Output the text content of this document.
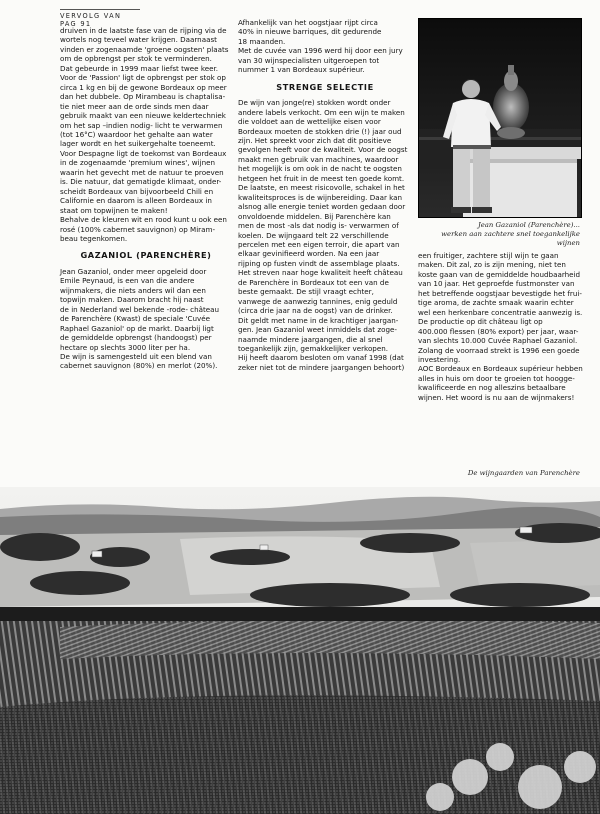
VERVOLG VAN PAG 91

druiven in de laatste fase van de rijping via de
wortels nog teveel water krijgen. Daarnaast
vinden er zogenaamde 'groene oogsten' plaats
om de opbrengst per stok te verminderen.
Dat gebeurde in 1999 maar liefst twee keer.
Voor de 'Passion' ligt de opbrengst per stok op
circa 1 kg en bij de gewone Bordeaux op meer
dan het dubbele. Op Mirambeau is chaptalisa-
tie niet meer aan de orde sinds men daar
gebruik maakt van een nieuwe keldertechniek
om het sap –indien nodig- licht te verwarmen
(tot 16°C) waardoor het gehalte aan water
lager wordt en het suikergehalte toeneemt.
Voor Despagne ligt de toekomst van Bordeaux
in de zogenaamde 'premium wines', wijnen
waarin het gevecht met de natuur te proeven
is. Die natuur, dat gematigde klimaat, onder-
scheidt Bordeaux van bijvoorbeeld Chili en
Californie en daarom is alleen Bordeaux in
staat om topwijnen te maken!
Behalve de kleuren wit en rood kunt u ook een
rosé (100% cabernet sauvignon) op Miram-
beau tegenkomen.

GAZANIOL (PARENCHÈRE)

Jean Gazaniol, onder meer opgeleid door
Emile Peynaud, is een van die andere
wijnmakers, die niets anders wil dan een
topwijn maken. Daarom bracht hij naast
de in Nederland wel bekende -rode- château
de Parenchère (Kwast) de speciale 'Cuvée
Raphael Gazaniol' op de markt. Daarbij ligt
de gemiddelde opbrengst (handoogst) per
hectare op slechts 3000 liter per ha.
De wijn is samengesteld uit een blend van
cabernet sauvignon (80%) en merlot (20%).

Afhankelijk van het oogstjaar rijpt circa
40% in nieuwe barriques, dit gedurende
18 maanden.
Met de cuvée van 1996 werd hij door een jury
van 30 wijnspecialisten uitgeroepen tot
nummer 1 van Bordeaux supérieur.

STRENGE SELECTIE

De wijn van jonge(re) stokken wordt onder
andere labels verkocht. Om een wijn te maken
die voldoet aan de wettelijke eisen voor
Bordeaux moeten de stokken drie (!) jaar oud
zijn. Het spreekt voor zich dat dit positieve
gevolgen heeft voor de kwaliteit. Voor de oogst
maakt men gebruik van machines, waardoor
het mogelijk is om ook in de nacht te oogsten
hetgeen het fruit in de meest ten goede komt.
De laatste, en meest risicovolle, schakel in het
kwaliteitsproces is de wijnbereiding. Daar kan
alsnog alle energie teniet worden gedaan door
onvoldoende middelen. Bij Parenchère kan
men de most -als dat nodig is- verwarmen of
koelen. De wijngaard telt 22 verschillende
percelen met een eigen terroir, die apart van
elkaar gevinifieerd worden. Na een jaar
rijping op fusten vindt de assemblage plaats.
Het streven naar hoge kwaliteit heeft château
de Parenchère in Bordeaux tot een van de
beste gemaakt. De stijl vraagt echter,
vanwege de aanwezig tannines, enig geduld
(circa drie jaar na de oogst) van de drinker.
Dit geldt met name in de krachtiger jaargan-
gen. Jean Gazaniol weet inmiddels dat zoge-
naamde mindere jaargangen, die al snel
toegankelijk zijn, gemakkelijker verkopen.
Hij heeft daarom besloten om vanaf 1998 (dat
zeker niet tot de mindere jaargangen behoort)

Jean Gazaniol (Parenchère)...

werken aan zachtere snel toegankelijke wijnen

een fruitiger, zachtere stijl wijn te gaan
maken. Dit zal, zo is zijn mening, niet ten
koste gaan van de gemiddelde houdbaarheid
van 10 jaar. Het geproefde fustmonster van
het betreffende oogstjaar bevestigde het frui-
tige aroma, de zachte smaak waarin echter
wel een herkenbare concentratie aanwezig is.
De productie op dit château ligt op
400.000 flessen (80% export) per jaar, waar-
van slechts 10.000 Cuvée Raphael Gazaniol.
Zolang de voorraad strekt is 1996 een goede
investering.

AOC Bordeaux en Bordeaux supérieur hebben
alles in huis om door te groeien tot hooggе-
kwalificeerde en nog alleszins betaalbare
wijnen. Het woord is nu aan de wijnmakers!

De wijngaarden van Parenchère
